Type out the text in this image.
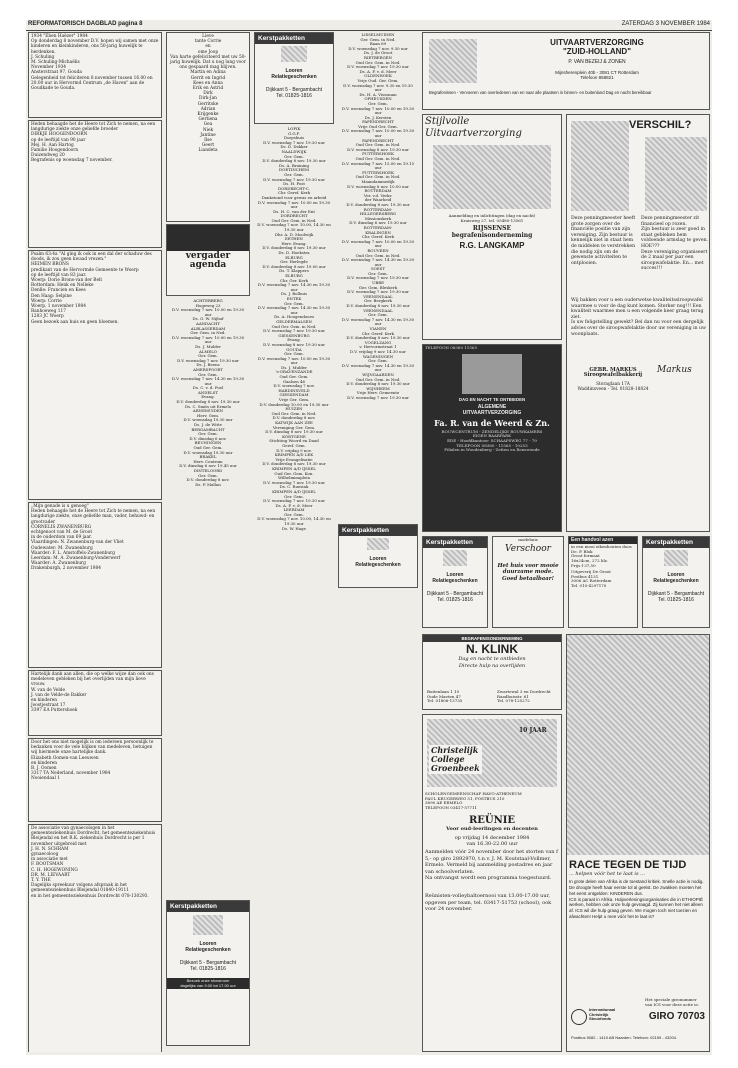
REFORMATORISCH DAGBLAD pagina 8	ZATERDAG 3 NOVEMBER 1984

1934 "Eben Haëzer" 1984
Op donderdag 8 november D.V. hopen wij samen met onze kinderen en kleinkinderen, ons 50-jarig huwelijk te herdenken.
J. Schuling
M. Schuling-Michaëlis
November 1934
Ansterstraat 97, Gouda
Gelegenheid tot feliciteren 8 november tussen 16.00 en 20.00 uur in Hervormd Centrum „de Haven" aan de Goudkade te Gouda.

Heden behaagde het de Heere tot Zich te nemen, na een langdurige ziekte onze geliefde broeder
DIRKJE HOOGENDOORN
op de leeftijd van 90 jaar
Mej. H. Aan Hartog
Familie Hoogendoorn
Duizendweg 20
Begrafenis op woensdag 7 november.

Psalm 63:4a "Al ging ik ook in een dal der schaduw des doods, ik zou geen kwaad vrezen."
HEIMEN BRONS
predikant van de Hervormde Gemeente te Woerp
op de leeftijd van 83 jaar.
Woerp: Dorie Brons-van der Belt
Rotterdam: Henk en Nelleke
Denlle: Francien en Kees
Den Haag: Selpine
Woerp: Corrie
Woerp, 1 november 1984
Banhoeweg 117
1283 JC Woerp
Geen bezoek aan huis en geen bloemen.

„Mijn genade is u genoeg"
Heden behaagde het de Heere tot Zich te nemen, na een langdurige ziekte, onze geliefde man, vader, behuwd- en grootvader
CORNELIS ZWANENBURG
echtgenoot van M. de Groot
in de ouderdom van 69 jaar.
Vlaardingen: N. Zwanenburg-van der Vliet
Oudewater: M. Zwanenburg
Waarder: F. L. Amstoffels-Zwanenburg
Leerdam: M. A. Zwanenburg-Vonderwerf
Waarder: A. Zwanenburg
Drakenburgh, 2 november 1984

Hartelijk dank aan allen, die op welke wijze dan ook ons medeleven gebleken bij het overlijden van mijn lieve vrouw.
W. van de Velde
J. van de Velde-de Bakker
en kinderen
Joostjestraat 17
3397 EA Puttershoek

Door het ons niet mogelijk is om iedereen persoonlijk te bedanken voor de vele blijken van medeleven, betuigen wij hiermede onze hartelijke dank.
Elizabeth Oomen-van Leeuwen
en kinderen
B. J. Oomen
3317 TA Nederland, november 1984
Nooiendaal 1

De associatie van gynaecologen in het gemeenteziekenhuis Dordrecht, het gemeenteziekenhuis Bleijendal en het R.K. ziekenhuis Dordrecht is per 1 november uitgebreid met
J. H. N. SCHRAM
gynaecoloog
in associatie met
F. BOOTSMAN
C. H. HOGEWONING
DR. M. LIEVAART
T. Y. THE
Dagelijks spreekuur volgens afspraak in het gemeenteziekenhuis Bleijendal 01840-19111
en in het gemeenteziekenhuis Dordrecht 078-130293.

Lieve
tante Corrie
en
ome Joop
Van harte gefeliciteerd met uw 50-jarig huwelijk. Dat u nog lang voor ons gespaard mag blijven.
Martin en Adina
Gerrit en Ingrid
Kees en Anna
Erik en Astrid
Dirk
Dirk-Jan
Gerritske
Adrian
Krijgenke
Gertiena
Gea
Niek
Jantine
Ilse
Geert
Liandeta

vergader
agenda

ACHTERBERG
Hogeweg 23
D.V. woensdag 7 nov. 10.00 en 19.30 uur
Ds. G. W. Nijhof
AANDACHT
ALBLASSERDAM
Ger. Gem. in Ned.
D.V. woensdag 7 nov. 10.00 en 19.30 uur
Ds. J. Mulder
ALMELO
Ger. Gem.
D.V. woensdag 7 nov. 19.30 uur
Ds. J. Beens
AMERSFOORT
Ger. Gem.
D.V. woensdag 7 nov. 14.30 en 19.30 uur
Ds. C. v. d. Poel
ANDELST
Evang.
D.V. donderdag 8 nov. 19.30 uur
Ds. C. Smits uit Ermelo
ARNEMUIDEN
Herv. Gem.
D.V. woensdag 19.30 uur
Ds. J. de Witte
BERGAMBACHT
Ger. Gem.
D.V. dinsdag 6 nov.
BEUNINGEN
Oud Ger. Gem.
D.V. woensdag 19.30 uur
BRAKEL
Herv. Centrum
D.V. dinsdag 6 nov. 19.45 uur
DINTELOORD
Ger. Gem.
D.V. donderdag 8 nov.
Ds. P. Mallan

Kerstpakketten

Looren
Relatiegeschenken

Dijkkant 5 - Bergambacht
Tel. 01825-1816

Bezoek onze showroom
dagelijks van 9.00 tot 17.00 uur

Kerstpakketten

Looren
Relatiegeschenken

Dijkkant 5 - Bergambacht
Tel. 01825-1816

LOPIK
G.G.F.
Dorpshuis
D.V. woensdag 7 nov. 19.30 uur
Ds. D. Dekker
NAALDWIJK
Ger. Gem.
D.V. donderdag 8 nov. 19.30 uur
Ds. A. Bruining
DOETINCHEM
Ger. Gem.
D.V. woensdag 7 nov. 19.30 uur
Ds. H. Post
DORDRECHT-C.
Chr. Geref. Kerk
Dankstond voor gewas en arbeid
D.V. woensdag 7 nov. 10.00 en 19.30 uur
Ds. H. C. van der Ent
DORDRECHT
Oud Ger. Gem. in Ned.
D.V. woensdag 7 nov. 10.00, 14.30 en 19.30 uur
Dhr. A. D. Moolwijk
EETHEN
Herv. Evang.
D.V. donderdag 8 nov. 19.30 uur
Ds. D. Hoekstra
ELBURG
Ger. Herlegde
D.V. donderdag 8 nov. 19.00 uur
Ds. T. Klappers
ELBURG
Chr. Ger. Kerk
D.V. woensdag 7 nov. 14.30 en 19.30 uur
Ds. J. Bolhuis
ENTEK
Ger. Gem.
D.V. woensdag 7 nov. 14.30 en 19.30 uur
Ds. A. Hoogendoorn
GELDERMALSEN
Oud Ger. Gem. in Ned.
D.V. woensdag 7 nov. 19.30 uur
GIESSENBURG
Evang.
D.V. woensdag 8 nov. 19.30 uur
GOUDA
Ger. Gem.
D.V. woensdag 7 nov. 10.00 en 19.30 uur
Ds. J. Mulder
's-GRAVENZANDE
Oud Ger. Gem.
Gaalsen 46
D.V. woensdag 7 nov.
HARDINXVELD
GIESSENDAM
Vrije Ger. Gem.
D.V. donderdag 10.00 en 19.30 uur
HUIZEN
Oud Ger. Gem. in Ned.
D.V. donderdag 8 nov.
KATWIJK AAN ZEE
Vereniging Ger. Gem.
D.V. dinsdag 8 nov. 19.30 uur
KORTGENE
Stichting Woord en Daad
Geref. Gem.
D.V. vrijdag 9 nov.
KRIMPEN A/D LEK
Vrije Evangelisatie
D.V. donderdag 8 nov. 19.30 uur
KRIMPEN A/D IJSSEL
Oud Ger. Gem. Kon.
Wilhelminaplein
D.V. woensdag 7 nov. 19.30 uur
Ds. C. Ruesink
KRIMPEN A/D IJSSEL
Ger. Gem.
D.V. woensdag 7 nov. 19.30 uur
Ds. A. F. v. d. Meer
LEERDAM
Ger. Gem.
D.V. woensdag 7 nov. 10.00, 14.30 en 19.30 uur
Ds. W. Hage

LISSELMUIDEN
Ger. Gem. in Ned.
Baan 69
D.V. woensdag 7 nov. 9.30 uur
Ds. J. de Groot
RIETBERGEN
Oud Ger. Gem. in Ned.
D.V. woensdag 7 nov. 19.30 uur
Ds. A. F. v. d. Meer
OLDENHOEK
Vrije Oud. Ger. Gem.
D.V. woensdag 7 nov. 9.30 en 19.30 uur
Ds. H. A. Visssman
OPHEUSDEN
Ger. Gem.
D.V. woensdag 7 nov. 10.00 en 19.30 uur
Ds. J. Kersten
PAPENDRECHT
Vrije Oud Ger. Gem.
D.V. woensdag 7 nov. 10.00 en 19.30 uur
PAPENDRECHT
Oud Ger. Gem. in Ned.
D.V. woensdag 8 nov. 19.30 uur
PUTTERSHOEK
Oud Ger. Gem. in Ned.
D.V. woensdag 7 nov. 15.00 en 19.15 uur
PUTTERSHOEK
Oud Ger. Gem. in Ned.
Maandammedijk
D.V. woensdag 8 nov. 10.00 uur
ROTTERDAM
Ver. v.d. Verkr.
der Waarheid
D.V. donderdag 8 nov. 19.30 uur
ROTTERDAM-
HILLEGERSBERG
Missionskerk
D.V. dinsdag 6 nov. 19.30 uur
ROTTERDAM-
KRALINGEN
Chr. Geref. Kerk
D.V. woensdag 7 nov. 10.00 en 19.30 uur
ROUVEEN
Oud Ger. Gem. in Ned.
D.V. woensdag 7 nov. 14.30 en 19.30 uur
SOEST
Ger. Gem.
D.V. woensdag 7 nov. 19.30 uur
UBBE
Ger. Gem. Bleskerk
D.V. woensdag 7 nov. 19.30 uur
VEENENDAAL
Ger. Bergkerk
D.V. donderdag 8 nov. 19.30 uur
VEENENDAAL
Ger. Gem.
D.V. woensdag 7 nov. 14.30 en 19.30 uur
VIANEN
Chr. Geref. Kerk
D.V. donderdag 8 nov. 19.30 uur
VOGELZANG
v. Hervormstraat 1
D.V. vrijdag 9 nov. 14.30 uur
WAGENINGEN
Ger. Gem.
D.V. woensdag 7 nov. 14.30 en 19.30 uur
WIJNGAARDEN
Oud Ger. Gem. in Ned.
D.V. donderdag 8 nov. 19.30 uur
WIJNHEEM
Vrije Herv. Gemeente
D.V. woensdag 7 nov. 19.30 uur

Kerstpakketten

Looren
Relatiegeschenken

UITVAARTVERZORGING
"ZUID-HOLLAND"

P. VAN BEZEIJ & ZONEN

Mijnsherenplein 40b - 3081 CT Rotterdam
Telefoon 858821

Begrafenissen - Vervoeren van overledenen van en naar alle plaatsen in binnen- en buitenland Dag en nacht bereikbaar

Stijlvolle
Uitvaartverzorging

Aanmelding en inlichtingen (dag en nacht)
Kruisweg 27, tel. 05480-13561

RIJSSENSE
begrafenisonderneming

R.G. LANGKAMP

VERSCHIL?

Deze penningmeester heeft grote zorgen over de financiële positie van zijn vereniging. Zijn bestuur is kennelijk niet in staat hem de middelen te verstrekken die nodig zijn om de gewenste activiteiten te ontplooien.

Deze penningmeester zit financieel op rozen.
Zijn bestuur is zeer goed in staat gebleken hem voldoende armslag te geven. HOE???
Deze vereniging organiseert de 2 maal per jaar een siroopwafelaktie. En... met succes!!!

Wij bakken voor u een ouderwetse kwaliteitssiroopwafel waarmee u voor de dag kunt komen. Sterker nog!!! Een kwaliteit waarmee men u een volgende keer graag terug ziet.
Is uw feligstelling gewekt? Bel dan nu voor een dergelijk advies over de siroopwafelaktie door uw vereniging in uw woonplaats.

GEBR. MARKUS
Siroopwafelbakkerij

Storaglaan 17A
Waddinxveen - Tel. 01828-18824

Markus

TELEFOON 08380 11565

DAG EN NACHT TE ONTBIEDEN

ALGEMENE
UITVAARTVERZORGING

Fa. R. van de Weerd & Zn.

ROUWCENTRUM - ZENDELIJKE ROUWKAMERS
EIGEN BAARPARK
EDE - Hoofdkantoor: SCHAAPSWEG 77 - 79
TELEFOON 08380 - 11565 - 10253
Filialen in Woudenberg - Zetten en Renswoude

Kerstpakketten

Looren
Relatiegeschenken

Dijkkant 5 - Bergambacht
Tel. 01825-1816

modehuis

Verschoor

Het huis voor mooie
duurzame mode.
Goed betaalbaar!

Een handvol azen

in een mooi eikenhouten doos
De. P. Blok
Groot formaat
16x24cm, 272 blz.
Prijs f 37,50

Uitgeverij De Groot
Postbus 4131
3006 AC Rotterdam
Tel. 010-4297170

Kerstpakketten

Looren
Relatiegeschenken

Dijkkant 5 - Bergambacht
Tel. 01825-1816

BEGRAFENISONDERNEMING

N. KLINK

Dag en nacht te ontbieden

Directe hulp na overlijden

Buitenlaan 1 10
Oude Maeten 47
Tel. 01806-13735

Zwartewal 3 en Dordrecht
Raadhuisstr. 61
Tel. 078-125272

Christelijk
College
Groenbeek

10 JAAR

SCHOLENGEMEENSCHAP HAVO-ATHENEUM
PAUL KRUGERWEG 51, POSTBUS 210
3890 AE ERMELO
TELEFOON 03417-57711

REÜNIE

Voor oud-leerlingen en docenten

op vrijdag 14 december 1984
van 16.30-22.00 uur

Aanmelden vóór 24 november door het storten van f 5,- op giro 2892970, t.n.v. J. M. Koutstaal-Vollmer, Ermelo. Vermeld bij aanmelding postadres en jaar van schoolverlaten.
Na ontvangst wordt een programma toegestuurd.

Reünisten-volleybaltoernooi van 13.00-17.00 uur, opgeven per team, tel. 03417-51753 (school), ook voor 24 november.

RACE TEGEN DE TIJD

... helpen vóór het te laat is ...

In grote delen van Afrika is de toestand kritiek. Snelle actie is nodig. De droogte heeft haar eerste tol al geëist. De zwakken moeten het het eerst ontgelden: KINDEREN dus.
ICS is paraat in Afrika. Hulpverleningsorganisaties die in ETHIOPIË werken, hebben ook onze hulp gevraagd. Zij kunnen het niet alleen af. ICS wil die hulp graag geven. We mogen toch niet toezien en afwachten! Helpt u mee vóór het te laat is?

Het speciale gironummer van ICS voor deze actie is:

Internationaal
Christelijk
Steunfonds	GIRO 70703

Postbus 5082 - 1410 AB Naarden. Telefoon: 02159 - 43204.
